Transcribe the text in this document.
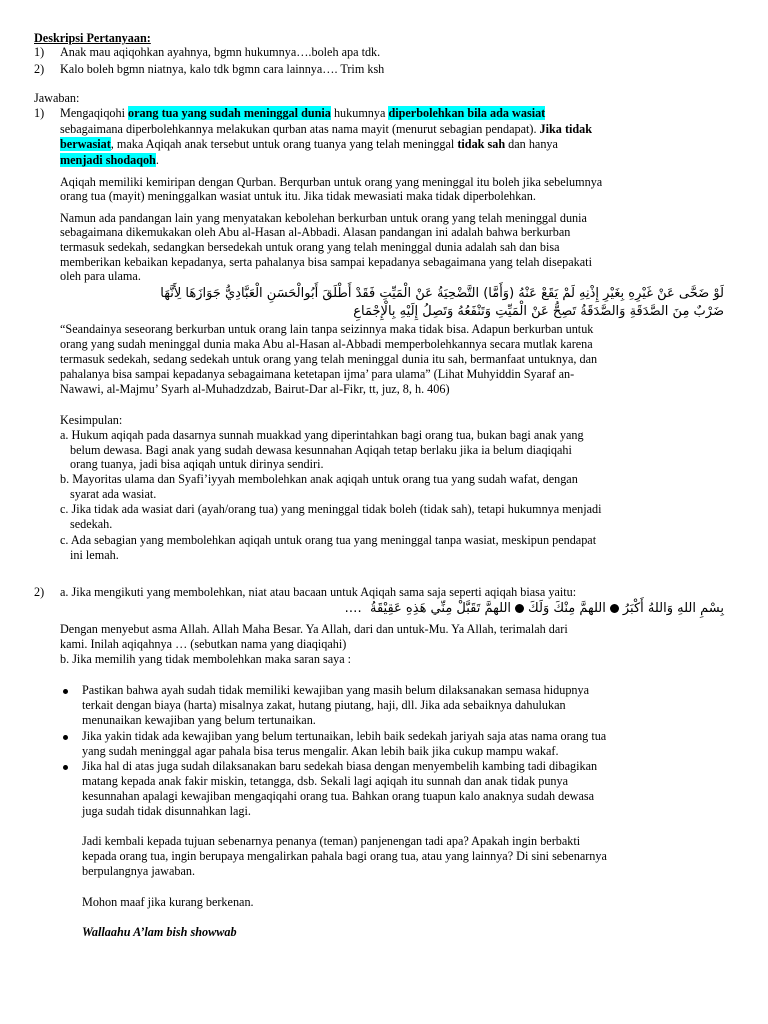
Deskripsi Pertanyaan:
1) Anak mau aqiqohkan ayahnya, bgmn hukumnya….boleh apa tdk.
2) Kalo boleh bgmn niatnya, kalo tdk bgmn cara lainnya…. Trim ksh
Jawaban:
1) Mengaqiqohi orang tua yang sudah meninggal dunia hukumnya diperbolehkan bila ada wasiat
sebagaimana diperbolehkannya melakukan qurban atas nama mayit (menurut sebagian pendapat). Jika tidak
berwasiat, maka Aqiqah anak tersebut untuk orang tuanya yang telah meninggal tidak sah dan hanya
menjadi shodaqoh.
Aqiqah memiliki kemiripan dengan Qurban. Berqurban untuk orang yang meninggal itu boleh jika sebelumnya
orang tua (mayit) meninggalkan wasiat untuk itu. Jika tidak mewasiati maka tidak diperbolehkan.
Namun ada pandangan lain yang menyatakan kebolehan berkurban untuk orang yang telah meninggal dunia
sebagaimana dikemukakan oleh Abu al-Hasan al-Abbadi. Alasan pandangan ini adalah bahwa berkurban
termasuk sedekah, sedangkan bersedekah untuk orang yang telah meninggal dunia adalah sah dan bisa
memberikan kebaikan kepadanya, serta pahalanya bisa sampai kepadanya sebagaimana yang telah disepakati
oleh para ulama.
لَوْ ضَحَّى عَنْ غَيْرِهِ بِغَيْرِ إِذْنِهِ لَمْ يَقَعْ عَنْهُ (وَأَمَّا) التَّضْحِيَةُ عَنْ الْمَيِّتِ فَقَدْ أَطْلَقَ أَبُوالْحَسَنِ الْعَبَّادِيُّ جَوَازَهَا لِأَنَّهَا
ضَرْبٌ مِنَ الصَّدَقَةِ وَالصَّدَقَةُ تَصِحُّ عَنْ الْمَيِّتِ وَتَنْفَعُهُ وَتَصِلُ إِلَيْهِ بِالْإِجْمَاعِ
“Seandainya seseorang berkurban untuk orang lain tanpa seizinnya maka tidak bisa. Adapun berkurban untuk
orang yang sudah meninggal dunia maka Abu al-Hasan al-Abbadi memperbolehkannya secara mutlak karena
termasuk sedekah, sedang sedekah untuk orang yang telah meninggal dunia itu sah, bermanfaat untuknya, dan
pahalanya bisa sampai kepadanya sebagaimana ketetapan ijma’ para ulama” (Lihat Muhyiddin Syaraf an-
Nawawi, al-Majmu’ Syarh al-Muhadzdzab, Bairut-Dar al-Fikr, tt, juz, 8, h. 406)
Kesimpulan:
a. Hukum aqiqah pada dasarnya sunnah muakkad yang diperintahkan bagi orang tua, bukan bagi anak yang
belum dewasa. Bagi anak yang sudah dewasa kesunnahan Aqiqah tetap berlaku jika ia belum diaqiqahi
orang tuanya, jadi bisa aqiqah untuk dirinya sendiri.
b. Mayoritas ulama dan Syafi’iyyah membolehkan anak aqiqah untuk orang tua yang sudah wafat, dengan
syarat ada wasiat.
c. Jika tidak ada wasiat dari (ayah/orang tua) yang meninggal tidak boleh (tidak sah), tetapi hukumnya menjadi
sedekah.
c. Ada sebagian yang membolehkan aqiqah untuk orang tua yang meninggal tanpa wasiat, meskipun pendapat
ini lemah.
2) a. Jika mengikuti yang membolehkan, niat atau bacaan untuk Aqiqah sama saja seperti aqiqah biasa yaitu:
بِسْمِ اللهِ وَاللهُ أَكْبَرُاللهمَّ مِنْكَ وَلَكَاللهمَّ تَقَبَّلْ مِنِّي هَذِهِ عَقِيْقَةُ  ….
Dengan menyebut asma Allah. Allah Maha Besar. Ya Allah, dari dan untuk-Mu. Ya Allah, terimalah dari
kami. Inilah aqiqahnya … (sebutkan nama yang diaqiqahi)
b. Jika memilih yang tidak membolehkan maka saran saya :
Pastikan bahwa ayah sudah tidak memiliki kewajiban yang masih belum dilaksanakan semasa hidupnya
terkait dengan biaya (harta) misalnya zakat, hutang piutang, haji, dll. Jika ada sebaiknya dahulukan
menunaikan kewajiban yang belum tertunaikan.
Jika yakin tidak ada kewajiban yang belum tertunaikan, lebih baik sedekah jariyah saja atas nama orang tua
yang sudah meninggal agar pahala bisa terus mengalir. Akan lebih baik jika cukup mampu wakaf.
Jika hal di atas juga sudah dilaksanakan baru sedekah biasa dengan menyembelih kambing tadi dibagikan
matang kepada anak fakir miskin, tetangga, dsb. Sekali lagi aqiqah itu sunnah dan anak tidak punya
kesunnahan apalagi kewajiban mengaqiqahi orang tua. Bahkan orang tuapun kalo anaknya sudah dewasa
juga sudah tidak disunnahkan lagi.
Jadi kembali kepada tujuan sebenarnya penanya (teman) panjenengan tadi apa? Apakah ingin berbakti
kepada orang tua, ingin berupaya mengalirkan pahala bagi orang tua, atau yang lainnya? Di sini sebenarnya
berpulangnya jawaban.
Mohon maaf jika kurang berkenan.
Wallaahu A’lam bish showwab
